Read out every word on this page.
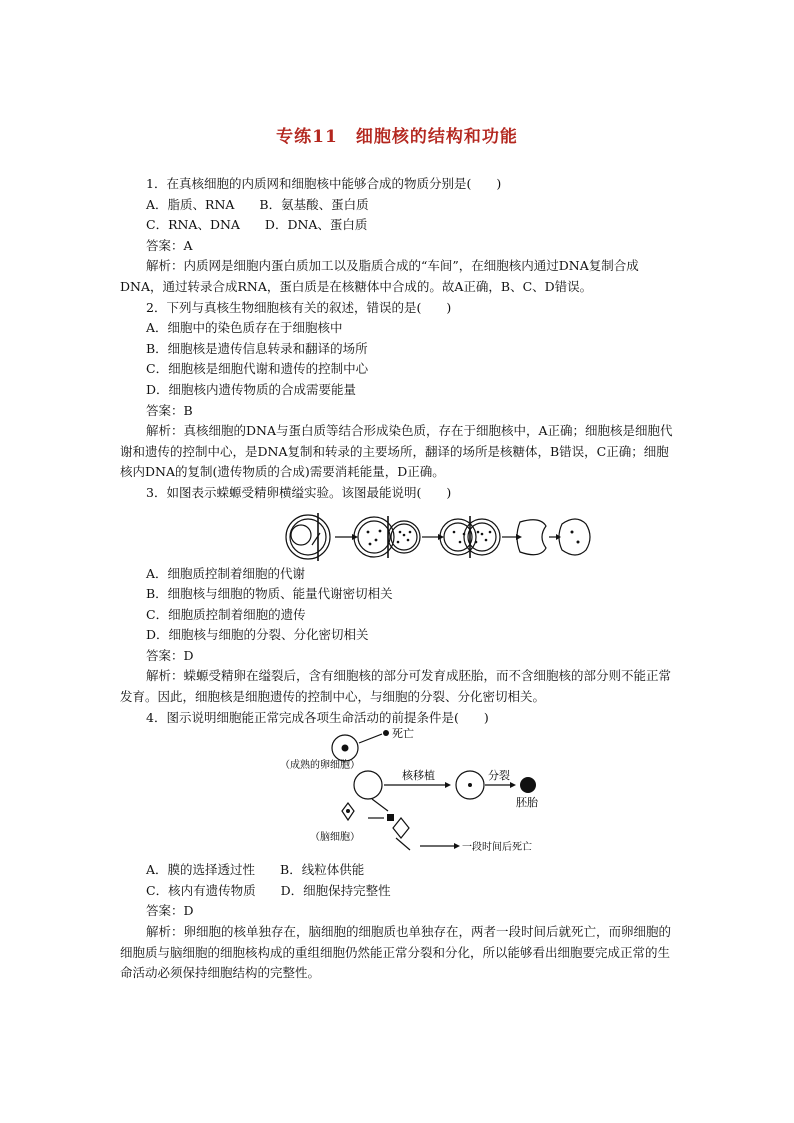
专练11　细胞核的结构和功能

1．在真核细胞的内质网和细胞核中能够合成的物质分别是(　　)

A．脂质、RNA　　B．氨基酸、蛋白质

C．RNA、DNA　　D．DNA、蛋白质

答案：A

解析：内质网是细胞内蛋白质加工以及脂质合成的“车间”，在细胞核内通过DNA复制合成DNA，通过转录合成RNA，蛋白质是在核糖体中合成的。故A正确，B、C、D错误。

2．下列与真核生物细胞核有关的叙述，错误的是(　　)

A．细胞中的染色质存在于细胞核中

B．细胞核是遗传信息转录和翻译的场所

C．细胞核是细胞代谢和遗传的控制中心

D．细胞核内遗传物质的合成需要能量

答案：B

解析：真核细胞的DNA与蛋白质等结合形成染色质，存在于细胞核中，A正确；细胞核是细胞代谢和遗传的控制中心，是DNA复制和转录的主要场所，翻译的场所是核糖体，B错误，C正确；细胞核内DNA的复制(遗传物质的合成)需要消耗能量，D正确。

3．如图表示蝾螈受精卵横缢实验。该图最能说明(　　)

A．细胞质控制着细胞的代谢

B．细胞核与细胞的物质、能量代谢密切相关

C．细胞质控制着细胞的遗传

D．细胞核与细胞的分裂、分化密切相关

答案：D

解析：蝾螈受精卵在缢裂后，含有细胞核的部分可发育成胚胎，而不含细胞核的部分则不能正常发育。因此，细胞核是细胞遗传的控制中心，与细胞的分裂、分化密切相关。

4．图示说明细胞能正常完成各项生命活动的前提条件是(　　)

死亡
（成熟的卵细胞）
核移植	分裂
胚胎
（脑细胞）
一段时间后死亡

A．膜的选择透过性　　B．线粒体供能

C．核内有遗传物质　　D．细胞保持完整性

答案：D

解析：卵细胞的核单独存在，脑细胞的细胞质也单独存在，两者一段时间后就死亡，而卵细胞的细胞质与脑细胞的细胞核构成的重组细胞仍然能正常分裂和分化，所以能够看出细胞要完成正常的生命活动必须保持细胞结构的完整性。
